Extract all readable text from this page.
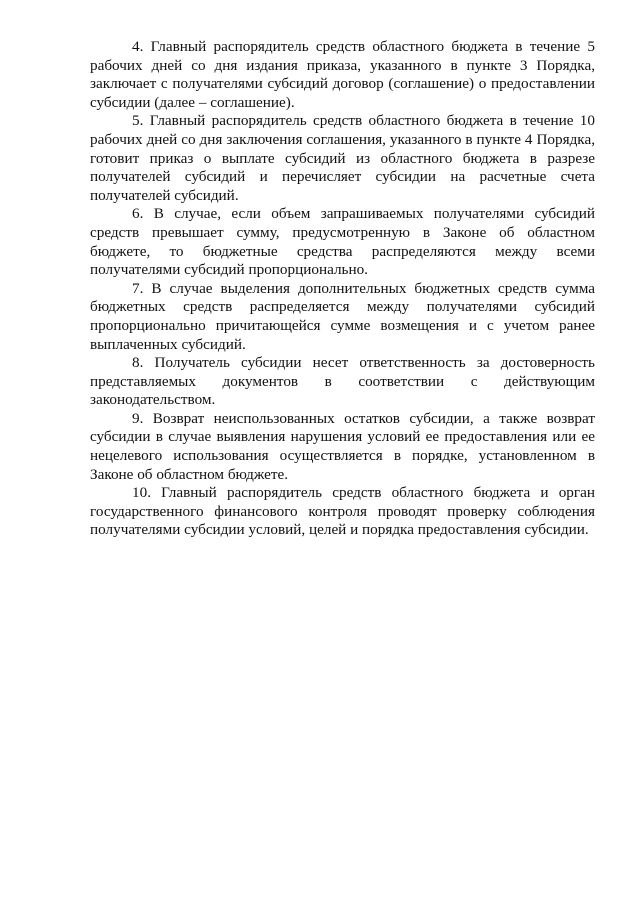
4. Главный распорядитель средств областного бюджета в течение 5 рабочих дней со дня издания приказа, указанного в пункте 3 Порядка, заключает с получателями субсидий договор (соглашение) о предоставлении субсидии (далее – соглашение).

5. Главный распорядитель средств областного бюджета в течение 10 рабочих дней со дня заключения соглашения, указанного в пункте 4 Порядка, готовит приказ о выплате субсидий из областного бюджета в разрезе получателей субсидий и перечисляет субсидии на расчетные счета получателей субсидий.

6. В случае, если объем запрашиваемых получателями субсидий средств превышает сумму, предусмотренную в Законе об областном бюджете, то бюджетные средства распределяются между всеми получателями субсидий пропорционально.

7. В случае выделения дополнительных бюджетных средств сумма бюджетных средств распределяется между получателями субсидий пропорционально причитающейся сумме возмещения и с учетом ранее выплаченных субсидий.

8. Получатель субсидии несет ответственность за достоверность представляемых документов в соответствии с действующим законодательством.

9. Возврат неиспользованных остатков субсидии, а также возврат субсидии в случае выявления нарушения условий ее предоставления или ее нецелевого использования осуществляется в порядке, установленном в Законе об областном бюджете.

10. Главный распорядитель средств областного бюджета и орган государственного финансового контроля проводят проверку соблюдения получателями субсидии условий, целей и порядка предоставления субсидии.
